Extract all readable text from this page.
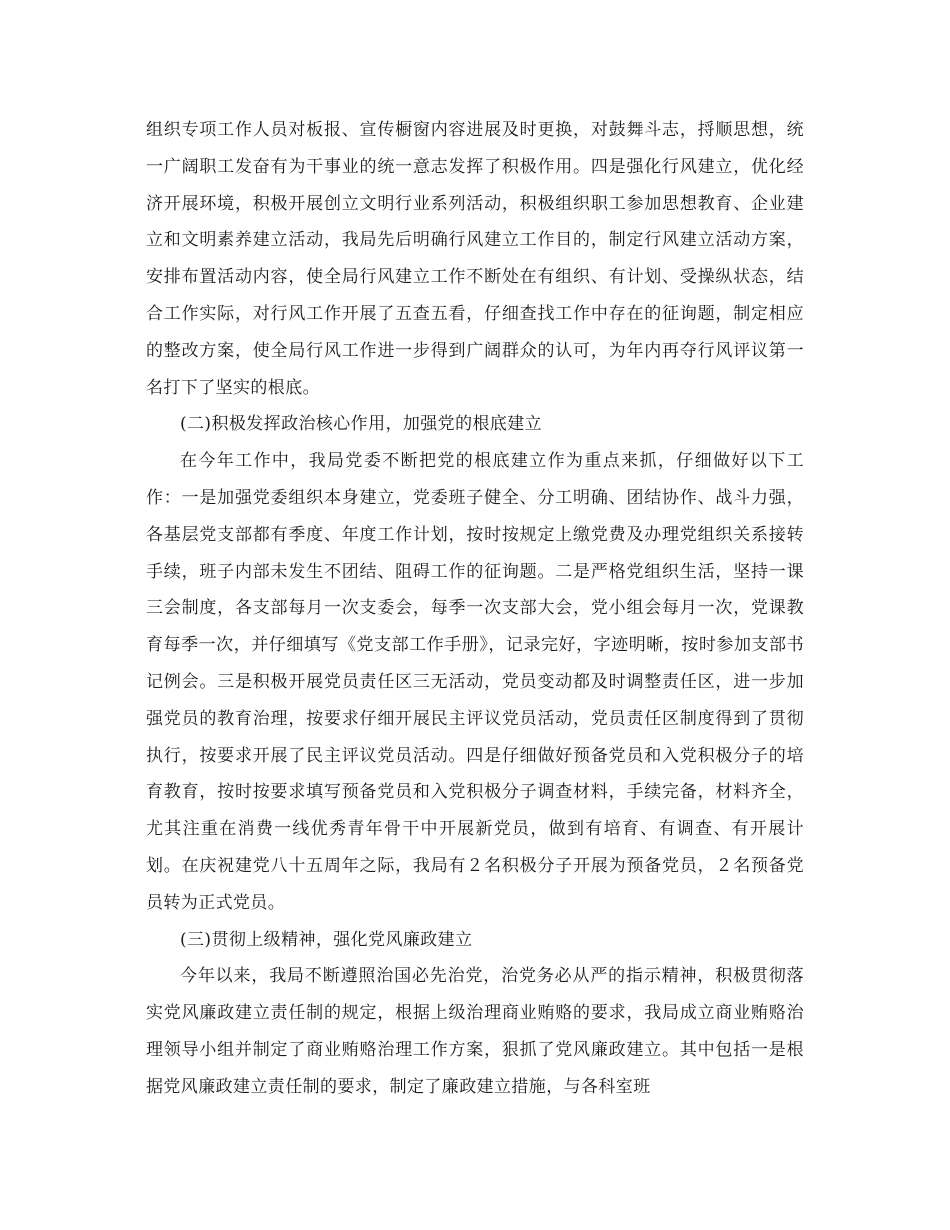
组织专项工作人员对板报、宣传橱窗内容进展及时更换，对鼓舞斗志，捋顺思想，统一广阔职工发奋有为干事业的统一意志发挥了积极作用。四是强化行风建立，优化经济开展环境，积极开展创立文明行业系列活动，积极组织职工参加思想教育、企业建立和文明素养建立活动，我局先后明确行风建立工作目的，制定行风建立活动方案，安排布置活动内容，使全局行风建立工作不断处在有组织、有计划、受操纵状态，结合工作实际，对行风工作开展了五查五看，仔细查找工作中存在的征询题，制定相应的整改方案，使全局行风工作进一步得到广阔群众的认可，为年内再夺行风评议第一名打下了坚实的根底。

(二)积极发挥政治核心作用，加强党的根底建立

在今年工作中，我局党委不断把党的根底建立作为重点来抓，仔细做好以下工作：一是加强党委组织本身建立，党委班子健全、分工明确、团结协作、战斗力强，各基层党支部都有季度、年度工作计划，按时按规定上缴党费及办理党组织关系接转手续，班子内部未发生不团结、阻碍工作的征询题。二是严格党组织生活，坚持一课三会制度，各支部每月一次支委会，每季一次支部大会，党小组会每月一次，党课教育每季一次，并仔细填写《党支部工作手册》，记录完好，字迹明晰，按时参加支部书记例会。三是积极开展党员责任区三无活动，党员变动都及时调整责任区，进一步加强党员的教育治理，按要求仔细开展民主评议党员活动，党员责任区制度得到了贯彻执行，按要求开展了民主评议党员活动。四是仔细做好预备党员和入党积极分子的培育教育，按时按要求填写预备党员和入党积极分子调查材料，手续完备，材料齐全，尤其注重在消费一线优秀青年骨干中开展新党员，做到有培育、有调查、有开展计划。在庆祝建党八十五周年之际，我局有２名积极分子开展为预备党员，２名预备党员转为正式党员。

(三)贯彻上级精神，强化党风廉政建立

今年以来，我局不断遵照治国必先治党，治党务必从严的指示精神，积极贯彻落实党风廉政建立责任制的规定，根据上级治理商业贿赂的要求，我局成立商业贿赂治理领导小组并制定了商业贿赂治理工作方案，狠抓了党风廉政建立。其中包括一是根据党风廉政建立责任制的要求，制定了廉政建立措施，与各科室班
